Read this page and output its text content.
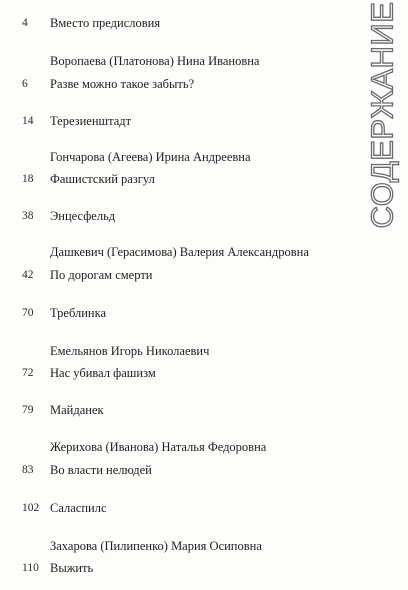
4	Вместо предисловия
Воропаева (Платонова) Нина Ивановна
6	Разве можно такое забыть?
14	Терезиенштадт
Гончарова (Агеева) Ирина Андреевна
18	Фашистский разгул
38	Энцесфельд
Дашкевич (Герасимова) Валерия Александровна
42	По дорогам смерти
70	Треблинка
Емельянов Игорь Николаевич
72	Нас убивал фашизм
79	Майданек
Жерихова (Иванова) Наталья Федоровна
83	Во власти нелюдей
102 Саласпилс
Захарова (Пилипенко) Мария Осиповна
110 Выжить
СОДЕРЖАНИЕ
